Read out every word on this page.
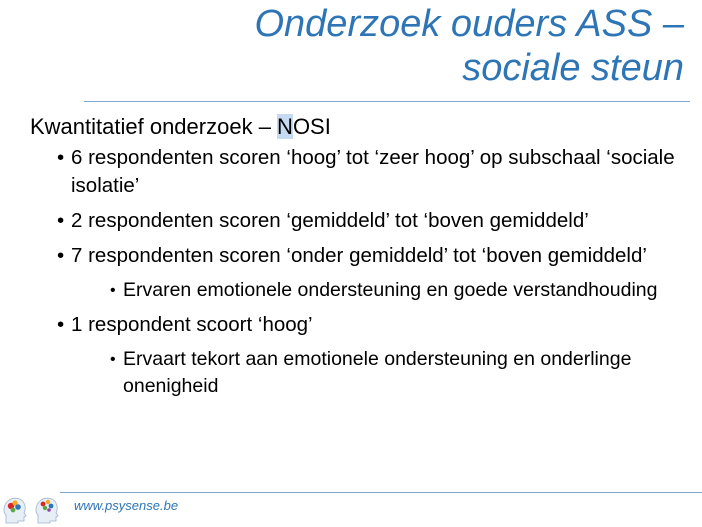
Onderzoek ouders ASS –
sociale steun
Kwantitatief onderzoek – NOSI
• 6 respondenten scoren ‘hoog’ tot ‘zeer hoog’ op subschaal ‘sociale isolatie’
• 2 respondenten scoren ‘gemiddeld’ tot ‘boven gemiddeld’
• 7 respondenten scoren ‘onder gemiddeld’ tot ‘boven gemiddeld’
• Ervaren emotionele ondersteuning en goede verstandhouding
• 1 respondent scoort ‘hoog’
• Ervaart tekort aan emotionele ondersteuning en onderlinge onenigheid
www.psysense.be
